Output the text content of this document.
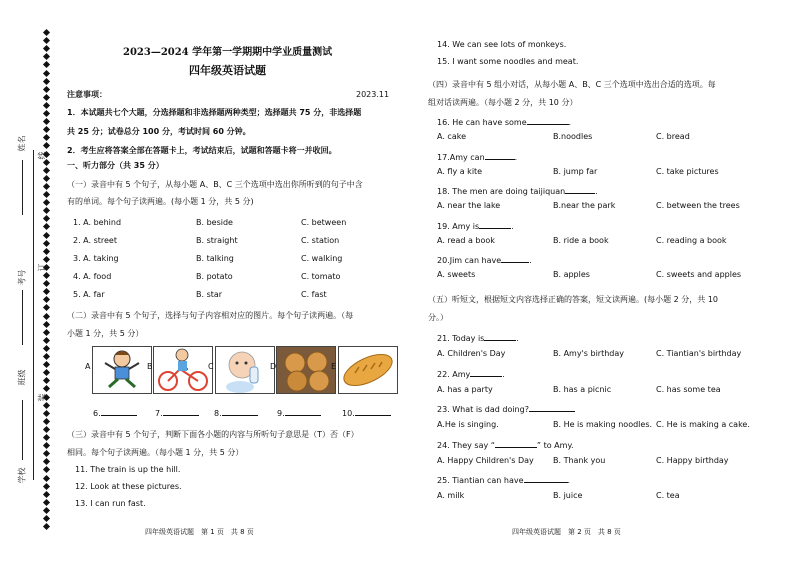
姓名
考号
班级
学校
线
订
装
2023—2024 学年第一学期期中学业质量测试
四年级英语试题
注意事项：	2023.11
1．本试题共七个大题，分选择题和非选择题两种类型；选择题共 75 分，非选择题
共 25 分；试卷总分 100 分，考试时间 60 分钟。
2．考生应将答案全部在答题卡上，考试结束后，试题和答题卡将一并收回。
一、听力部分（共 35 分）
（一）录音中有 5 个句子，从每小题 A、B、C 三个选项中选出你所听到的句子中含
有的单词。每个句子读两遍。(每小题 1 分，共 5 分)
1. A. behind	B. beside	C. between
2. A. street	B. straight	C. station
3. A. taking	B. talking	C. walking
4. A. food	B. potato	C. tomato
5. A. far	B. star	C. fast
（二）录音中有 5 个句子，选择与句子内容相对应的图片。每个句子读两遍。（每
小题 1 分，共 5 分）
A	B	C	D	E
6.	7.	8.	9.	10.
（三）录音中有 5 个句子，判断下面各小题的内容与所听句子意思是（T）否（F）
相同。每个句子读两遍。（每小题 1 分，共 5 分）
11. The train is up the hill.
12. Look at these pictures.
13. I can run fast.
四年级英语试题　第 1 页　共 8 页
14. We can see lots of monkeys.
15. I want some noodles and meat.
（四）录音中有 5 组小对话，从每小题 A、B、C 三个选项中选出合适的选项。每
组对话读两遍。（每小题 2 分，共 10 分）
16. He can have some	.
A. cake	B.noodles	C. bread
17.Amy can	.
A. fly a kite	B. jump far	C. take pictures
18. The men are doing taijiquan	.
A. near the lake	B.near the park	C. between the trees
19. Amy is	.
A. read a book	B. ride a book	C. reading a book
20.Jim can have	.
A. sweets	B. apples	C. sweets and apples
（五）听短文，根据短文内容选择正确的答案，短文读两遍。(每小题 2 分，共 10
分。）
21. Today is	.
A. Children's Day	B. Amy's birthday	C. Tiantian's birthday
22. Amy	.
A. has a party	B. has a picnic	C. has some tea
23. What is dad doing?
A.He is singing.	B. He is making noodles. C. He is making a cake.
24. They say “	” to Amy.
A. Happy Children's Day B. Thank you	C. Happy birthday
25. Tiantian can have	.
A. milk	B. juice	C. tea
四年级英语试题　第 2 页　共 8 页
